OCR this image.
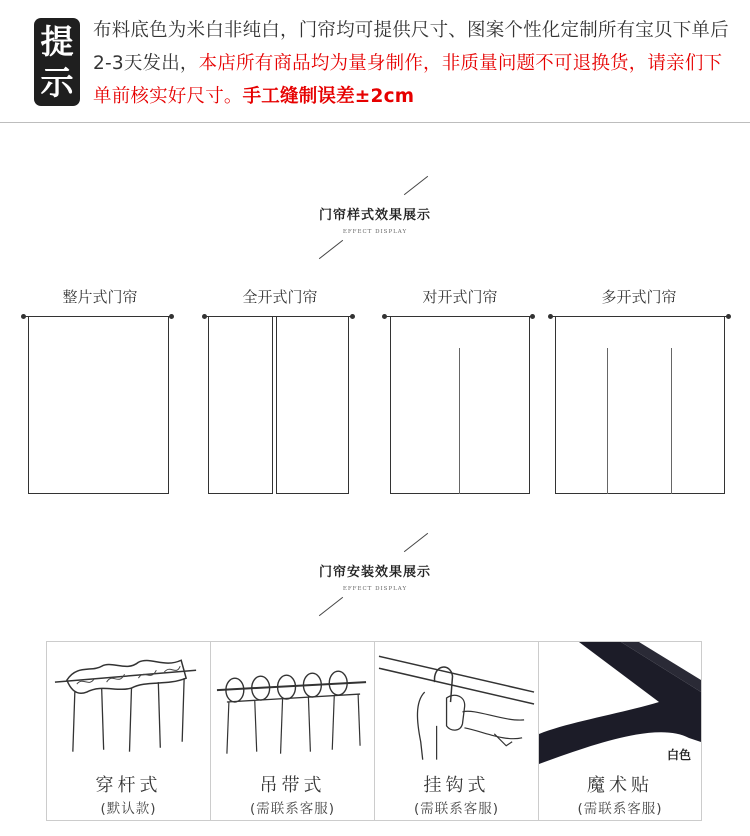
提
示
布料底色为米白非纯白，门帘均可提供尺寸、图案个性化定制所有宝贝下单后2-3天发出，本店所有商品均为量身制作，非质量问题不可退换货，请亲们下单前核实好尺寸。手工缝制误差±2cm
门帘样式效果展示
EFFECT DISPLAY
整片式门帘	全开式门帘	对开式门帘	多开式门帘
门帘安装效果展示
EFFECT DISPLAY
穿杆式
(默认款)
吊带式
(需联系客服)
挂钩式
(需联系客服)
白色
魔术贴
(需联系客服)
